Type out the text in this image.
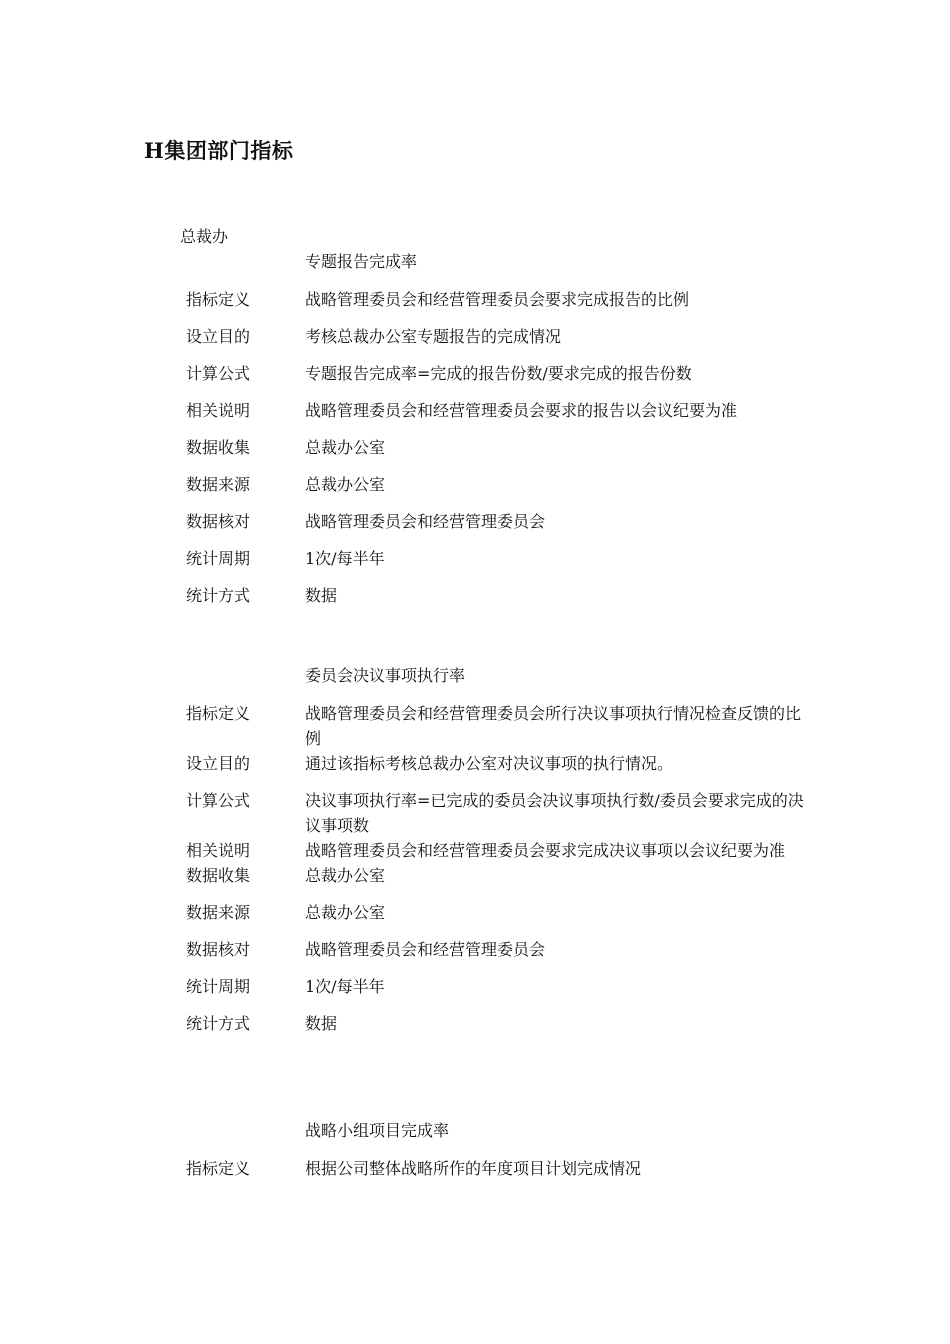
H集团部门指标
总裁办
专题报告完成率
指标定义	战略管理委员会和经营管理委员会要求完成报告的比例
设立目的	考核总裁办公室专题报告的完成情况
计算公式	专题报告完成率=完成的报告份数/要求完成的报告份数
相关说明	战略管理委员会和经营管理委员会要求的报告以会议纪要为准
数据收集	总裁办公室
数据来源	总裁办公室
数据核对	战略管理委员会和经营管理委员会
统计周期	1次/每半年
统计方式	数据
委员会决议事项执行率
指标定义	战略管理委员会和经营管理委员会所行决议事项执行情况检查反馈的比例
设立目的	通过该指标考核总裁办公室对决议事项的执行情况。
计算公式	决议事项执行率=已完成的委员会决议事项执行数/委员会要求完成的决议事项数
相关说明	战略管理委员会和经营管理委员会要求完成决议事项以会议纪要为准
数据收集	总裁办公室
数据来源	总裁办公室
数据核对	战略管理委员会和经营管理委员会
统计周期	1次/每半年
统计方式	数据
战略小组项目完成率
指标定义	根据公司整体战略所作的年度项目计划完成情况
